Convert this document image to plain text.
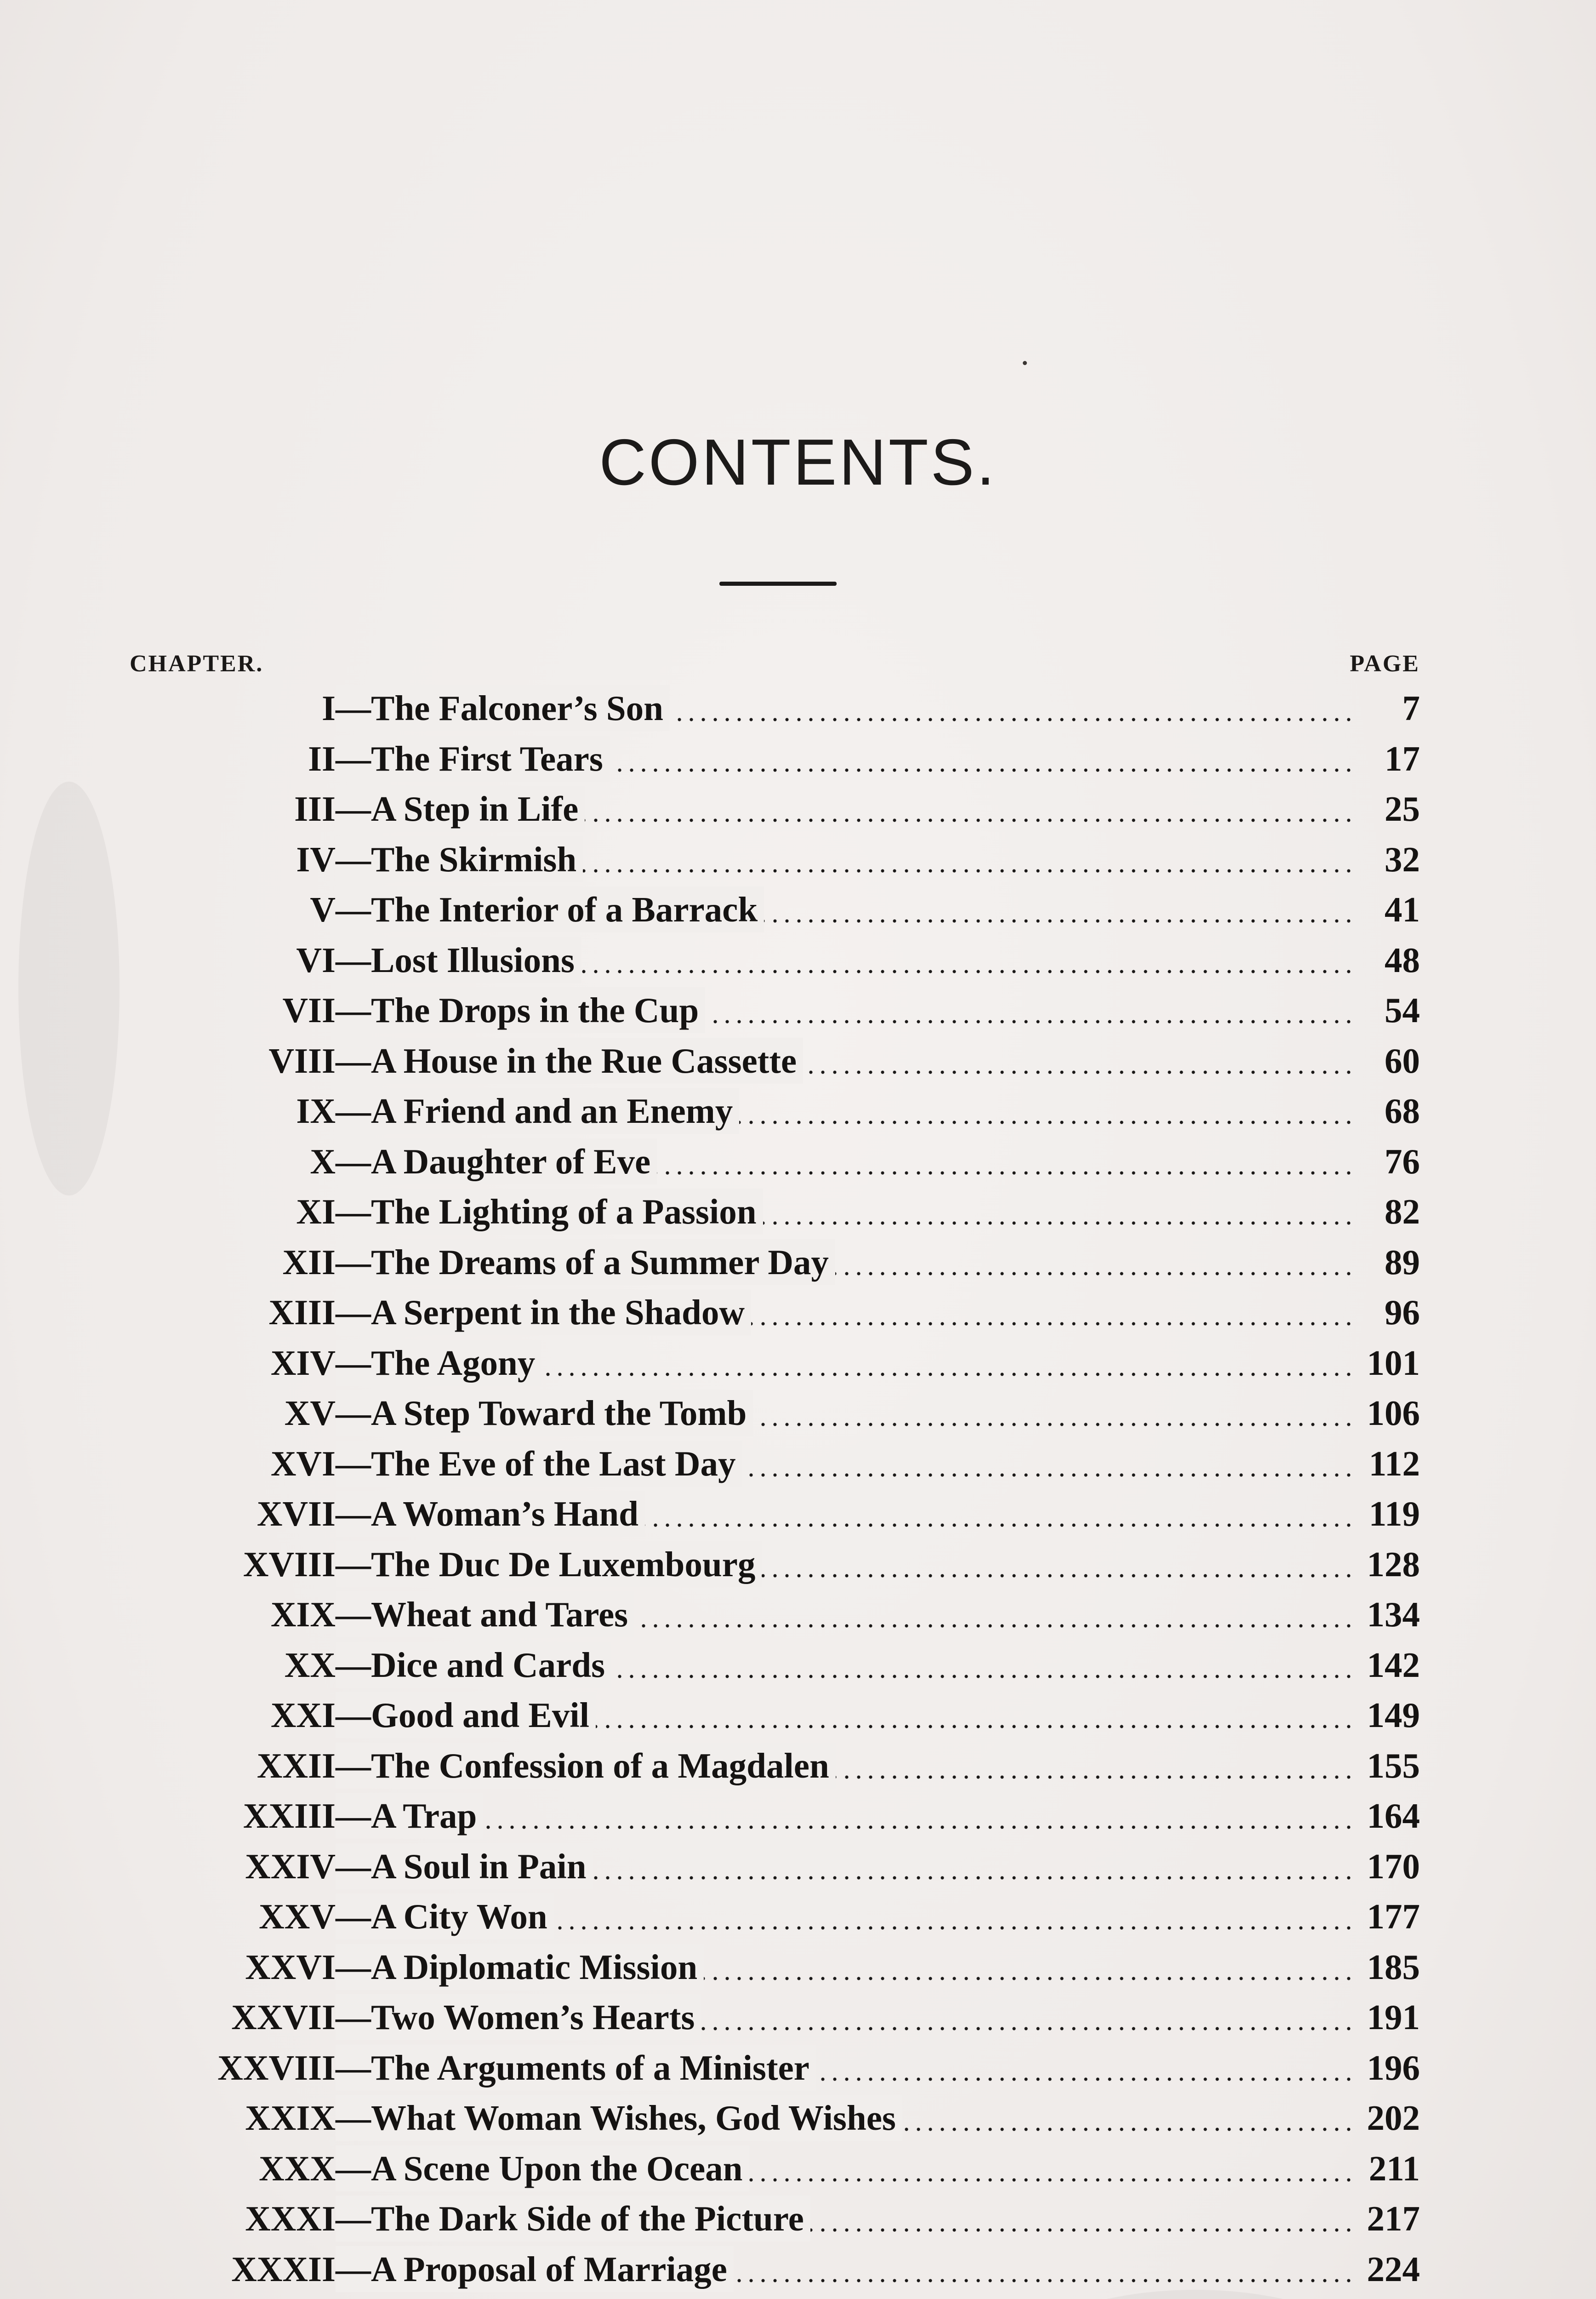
CONTENTS.
CHAPTER.	PAGE
I —The Falconer’s Son	7
II —The First Tears	17
III —A Step in Life	25
IV —The Skirmish	32
V —The Interior of a Barrack	41
VI —Lost Illusions	48
VII —The Drops in the Cup	54
VIII —A House in the Rue Cassette	60
IX —A Friend and an Enemy	68
X —A Daughter of Eve	76
XI —The Lighting of a Passion	82
XII —The Dreams of a Summer Day	89
XIII —A Serpent in the Shadow	96
XIV —The Agony	101
XV —A Step Toward the Tomb	106
XVI —The Eve of the Last Day	112
XVII —A Woman’s Hand	119
XVIII —The Duc De Luxembourg	128
XIX —Wheat and Tares	134
XX —Dice and Cards	142
XXI —Good and Evil	149
XXII —The Confession of a Magdalen	155
XXIII —A Trap	164
XXIV —A Soul in Pain	170
XXV —A City Won	177
XXVI —A Diplomatic Mission	185
XXVII —Two Women’s Hearts	191
XXVIII —The Arguments of a Minister	196
XXIX —What Woman Wishes, God Wishes	202
XXX —A Scene Upon the Ocean	211
XXXI —The Dark Side of the Picture	217
XXXII —A Proposal of Marriage	224
